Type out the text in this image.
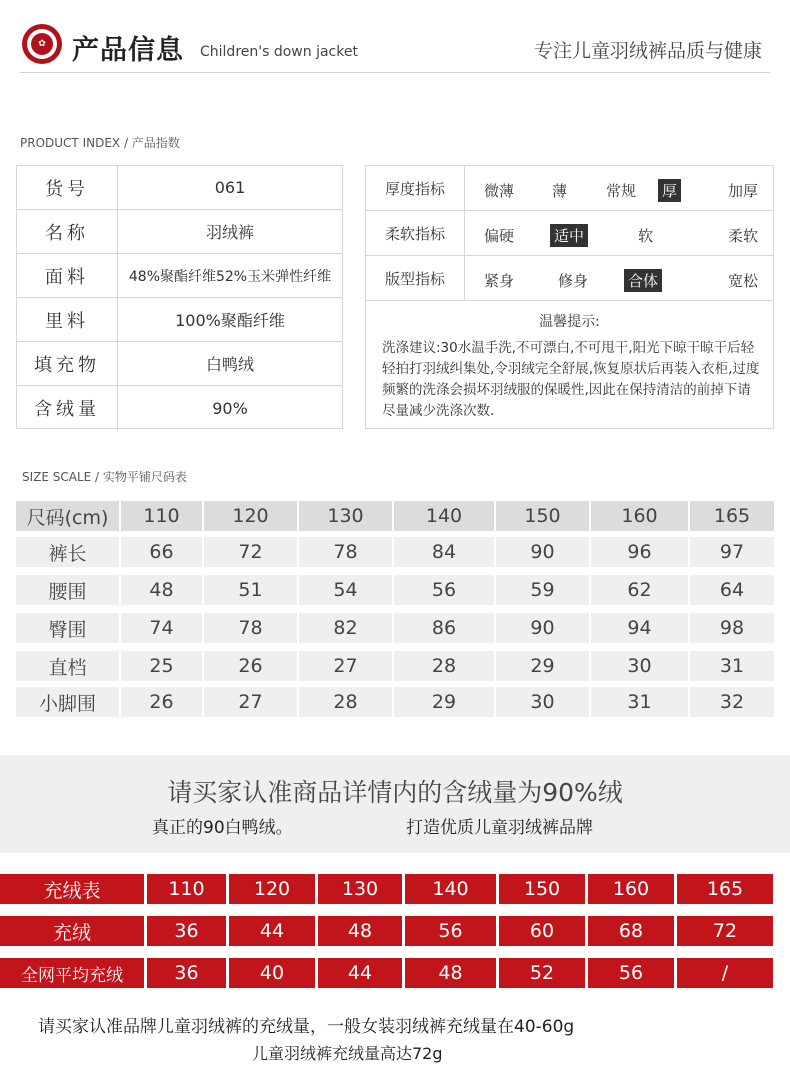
✿ 产品信息 Children's down jacket	专注儿童羽绒裤品质与健康
PRODUCT INDEX / 产品指数
货号	061
名称	羽绒裤
面料	48%聚酯纤维52%玉米弹性纤维
里料	100%聚酯纤维
填充物	白鸭绒
含绒量	90%
温馨提示:
洗涤建议:30水温手洗,不可漂白,不可甩干,阳光下晾干晾干后轻轻拍打羽绒纠集处,令羽绒完全舒展,恢复原状后再装入衣柜,过度频繁的洗涤会损坏羽绒服的保暖性,因此在保持清洁的前掉下请尽量减少洗涤次数.
厚度指标	微薄	薄	常规 厚	加厚
柔软指标	偏硬	适中	软	柔软
版型指标	紧身	修身	合体	宽松
SIZE SCALE / 实物平铺尺码表
尺码(cm)	110	120	130	140	150	160	165
裤长	66	72	78	84	90	96	97
腰围	48	51	54	56	59	62	64
臀围	74	78	82	86	90	94	98
直档	25	26	27	28	29	30	31
小脚围	26	27	28	29	30	31	32
请买家认准商品详情内的含绒量为90%绒
真正的90白鸭绒。	打造优质儿童羽绒裤品牌
充绒表	110	120	130	140	150	160	165
充绒	36	44	48	56	60	68	72
全网平均充绒	36	40	44	48	52	56	/
请买家认准品牌儿童羽绒裤的充绒量，一般女装羽绒裤充绒量在40-60g
儿童羽绒裤充绒量高达72g
